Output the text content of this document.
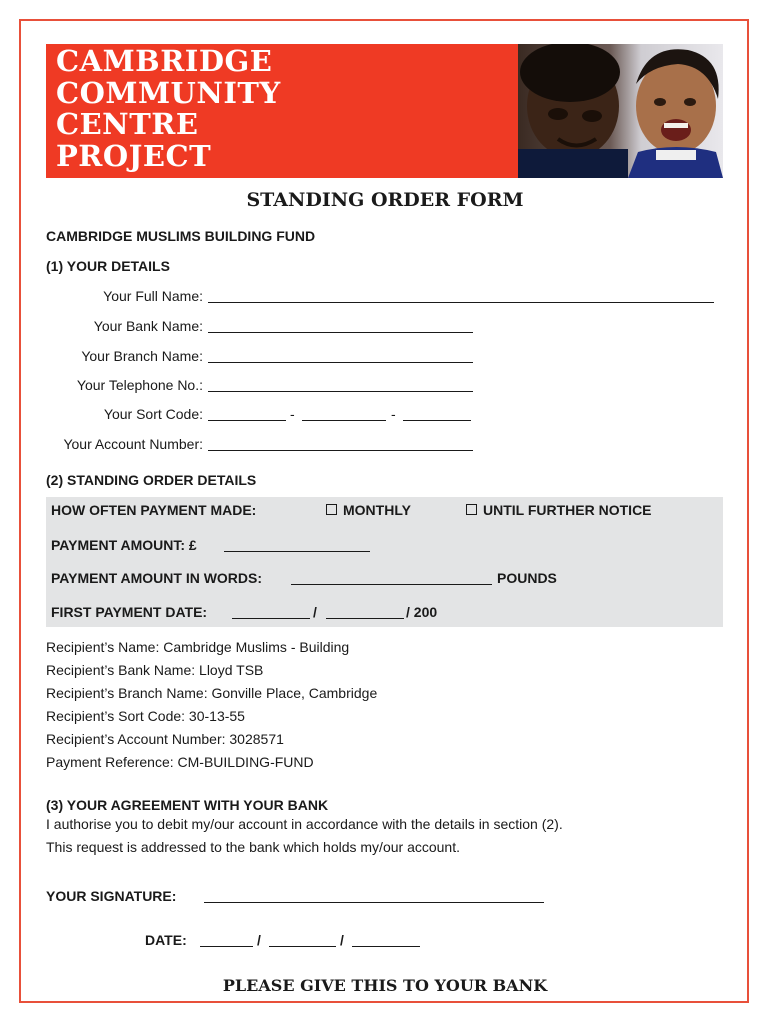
CAMBRIDGE
COMMUNITY
CENTRE
PROJECT
STANDING ORDER FORM
CAMBRIDGE MUSLIMS BUILDING FUND
(1) YOUR DETAILS
Your Full Name:
Your Bank Name:
Your Branch Name:
Your Telephone No.:
Your Sort Code:	-	-
Your Account Number:
(2) STANDING ORDER DETAILS
HOW OFTEN PAYMENT MADE:	MONTHLY	UNTIL FURTHER NOTICE
PAYMENT AMOUNT: £
PAYMENT AMOUNT IN WORDS:	POUNDS
FIRST PAYMENT DATE:	/	/ 200
Recipient’s Name: Cambridge Muslims - Building
Recipient’s Bank Name: Lloyd TSB
Recipient’s Branch Name: Gonville Place, Cambridge
Recipient’s Sort Code: 30-13-55
Recipient’s Account Number: 3028571
Payment Reference: CM-BUILDING-FUND
(3) YOUR AGREEMENT WITH YOUR BANK
I authorise you to debit my/our account in accordance with the details in section (2).
This request is addressed to the bank which holds my/our account.
YOUR SIGNATURE:
DATE:	/	/
PLEASE GIVE THIS TO YOUR BANK
